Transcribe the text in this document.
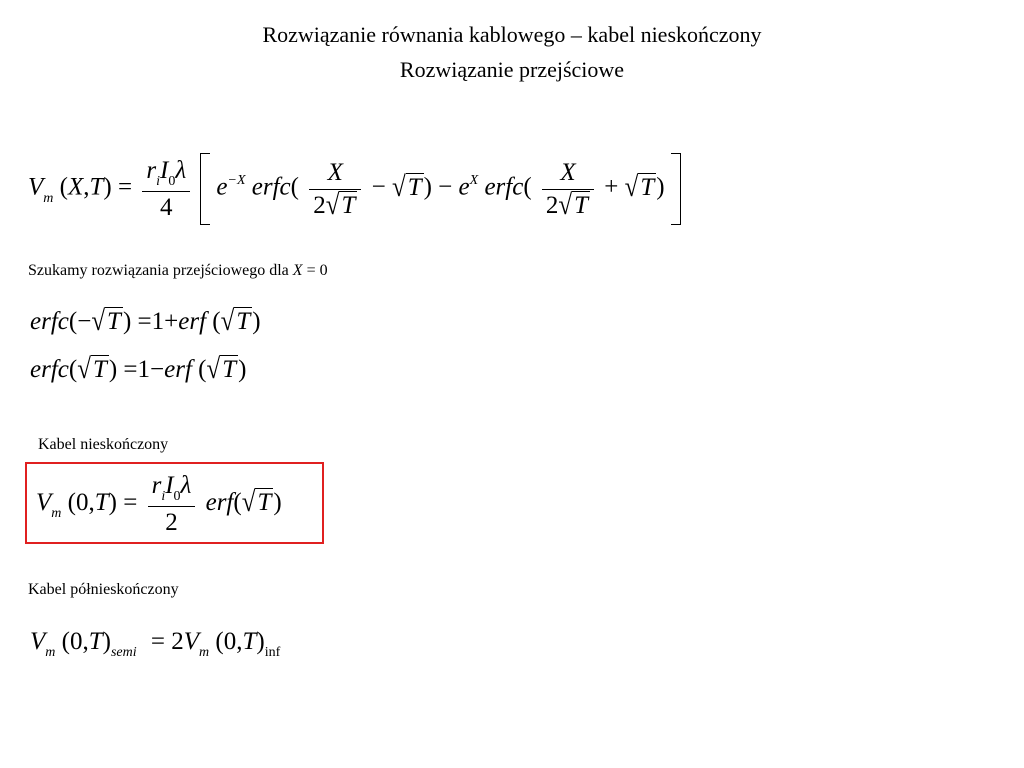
Rozwiązanie równania kablowego – kabel nieskończony
Rozwiązanie przejściowe
$V_m$ $(X,T) = \frac{r_iI_0\lambda}{4} e^{-X}$ erfc( $\frac{X}{2√T} - √T) - e^X$ erfc( $\frac{X}{2√T} + √T$)
Szukamy rozwiązania przejściowego dla X = 0
erfc(−√T) =1+erf (√T)
erfc(√T) =1−erf (√T)
Kabel nieskończony
$V_m$ $(0,T) = \frac{r_iI_0\lambda}{2} erf(√T)$
Kabel półnieskończony
$V_m$ $(0,T)_{semi} = 2V_m$ $(0,T)_{inf}$
